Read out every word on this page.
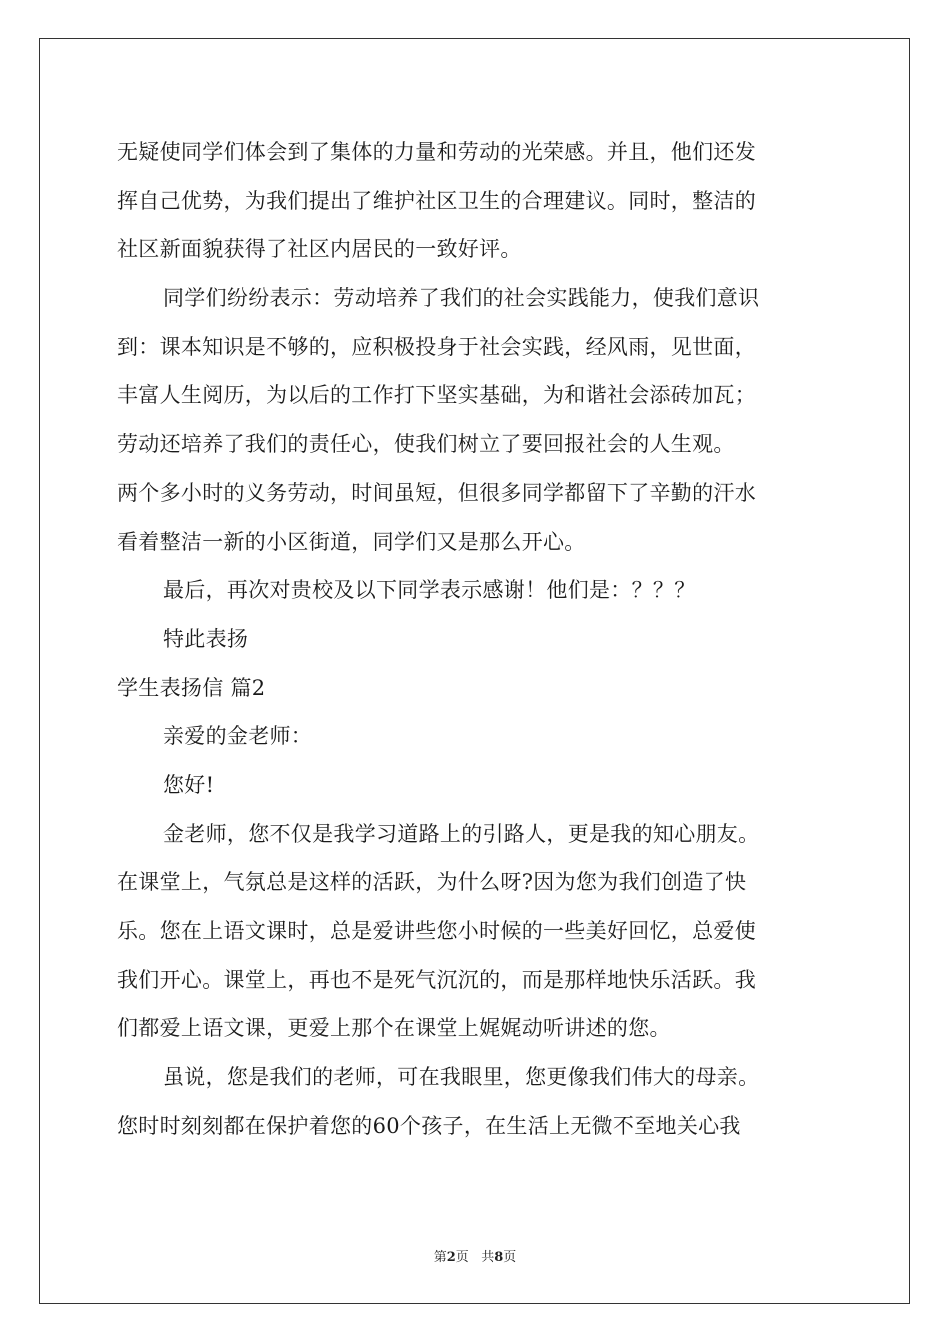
无疑使同学们体会到了集体的力量和劳动的光荣感。并且，他们还发
挥自己优势，为我们提出了维护社区卫生的合理建议。同时，整洁的
社区新面貌获得了社区内居民的一致好评。
同学们纷纷表示：劳动培养了我们的社会实践能力，使我们意识
到：课本知识是不够的，应积极投身于社会实践，经风雨，见世面，
丰富人生阅历，为以后的工作打下坚实基础，为和谐社会添砖加瓦；
劳动还培养了我们的责任心，使我们树立了要回报社会的人生观。
两个多小时的义务劳动，时间虽短，但很多同学都留下了辛勤的汗水
看着整洁一新的小区街道，同学们又是那么开心。
最后，再次对贵校及以下同学表示感谢！他们是：？？？
特此表扬
学生表扬信 篇2
亲爱的金老师：
您好!
金老师，您不仅是我学习道路上的引路人，更是我的知心朋友。
在课堂上，气氛总是这样的活跃，为什么呀?因为您为我们创造了快
乐。您在上语文课时，总是爱讲些您小时候的一些美好回忆，总爱使
我们开心。课堂上，再也不是死气沉沉的，而是那样地快乐活跃。我
们都爱上语文课，更爱上那个在课堂上娓娓动听讲述的您。
虽说，您是我们的老师，可在我眼里，您更像我们伟大的母亲。
您时时刻刻都在保护着您的60个孩子，在生活上无微不至地关心我
第2页 共8页
